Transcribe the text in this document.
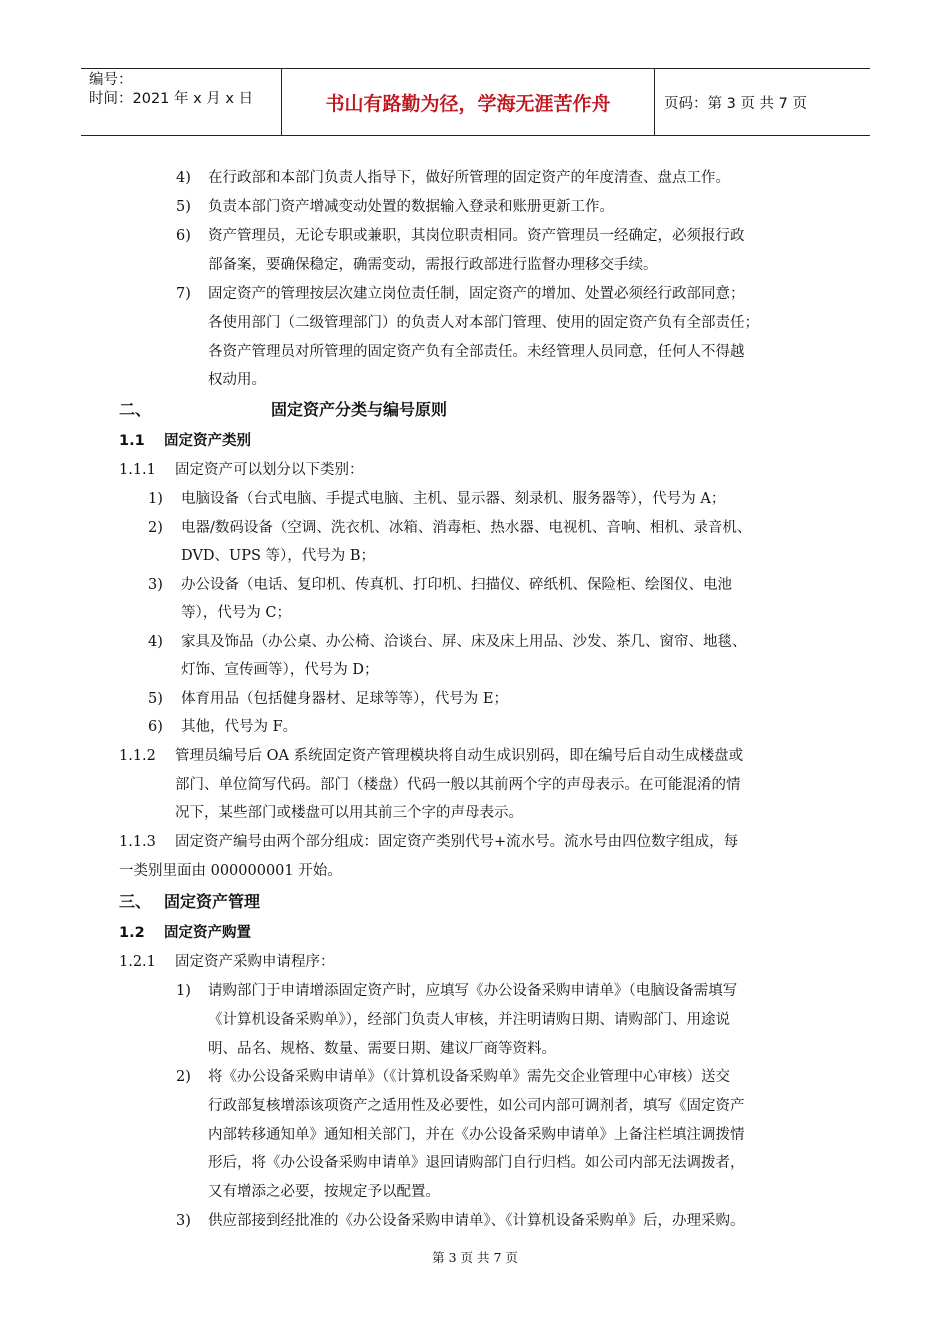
编号：
时间：2021 年 x 月 x 日	书山有路勤为径，学海无涯苦作舟	页码：第 3 页 共 7 页
4) 在行政部和本部门负责人指导下，做好所管理的固定资产的年度清查、盘点工作。
5) 负责本部门资产增减变动处置的数据输入登录和账册更新工作。
6) 资产管理员，无论专职或兼职，其岗位职责相同。资产管理员一经确定，必须报行政
部备案，要确保稳定，确需变动，需报行政部进行监督办理移交手续。
7) 固定资产的管理按层次建立岗位责任制，固定资产的增加、处置必须经行政部同意；
各使用部门（二级管理部门）的负责人对本部门管理、使用的固定资产负有全部责任；
各资产管理员对所管理的固定资产负有全部责任。未经管理人员同意，任何人不得越
权动用。
二、	固定资产分类与编号原则
1.1 固定资产类别
1.1.1 固定资产可以划分以下类别：
1) 电脑设备（台式电脑、手提式电脑、主机、显示器、刻录机、服务器等），代号为 A；
2) 电器/数码设备（空调、洗衣机、冰箱、消毒柜、热水器、电视机、音响、相机、录音机、
DVD、UPS 等），代号为 B；
3) 办公设备（电话、复印机、传真机、打印机、扫描仪、碎纸机、保险柜、绘图仪、电池
等），代号为 C；
4) 家具及饰品（办公桌、办公椅、洽谈台、屏、床及床上用品、沙发、茶几、窗帘、地毯、
灯饰、宣传画等），代号为 D；
5) 体育用品（包括健身器材、足球等等），代号为 E；
6) 其他，代号为 F。
1.1.2 管理员编号后 OA 系统固定资产管理模块将自动生成识别码，即在编号后自动生成楼盘或
部门、单位简写代码。部门（楼盘）代码一般以其前两个字的声母表示。在可能混淆的情
况下，某些部门或楼盘可以用其前三个字的声母表示。
1.1.3 固定资产编号由两个部分组成：固定资产类别代号+流水号。流水号由四位数字组成，每
一类别里面由 000000001 开始。
三、 固定资产管理
1.2 固定资产购置
1.2.1 固定资产采购申请程序：
1) 请购部门于申请增添固定资产时，应填写《办公设备采购申请单》（电脑设备需填写
《计算机设备采购单》），经部门负责人审核，并注明请购日期、请购部门、用途说
明、品名、规格、数量、需要日期、建议厂商等资料。
2) 将《办公设备采购申请单》（《计算机设备采购单》需先交企业管理中心审核）送交
行政部复核增添该项资产之适用性及必要性，如公司内部可调剂者，填写《固定资产
内部转移通知单》通知相关部门，并在《办公设备采购申请单》上备注栏填注调拨情
形后，将《办公设备采购申请单》退回请购部门自行归档。如公司内部无法调拨者，
又有增添之必要，按规定予以配置。
3) 供应部接到经批准的《办公设备采购申请单》、《计算机设备采购单》后，办理采购。
第 3 页 共 7 页
